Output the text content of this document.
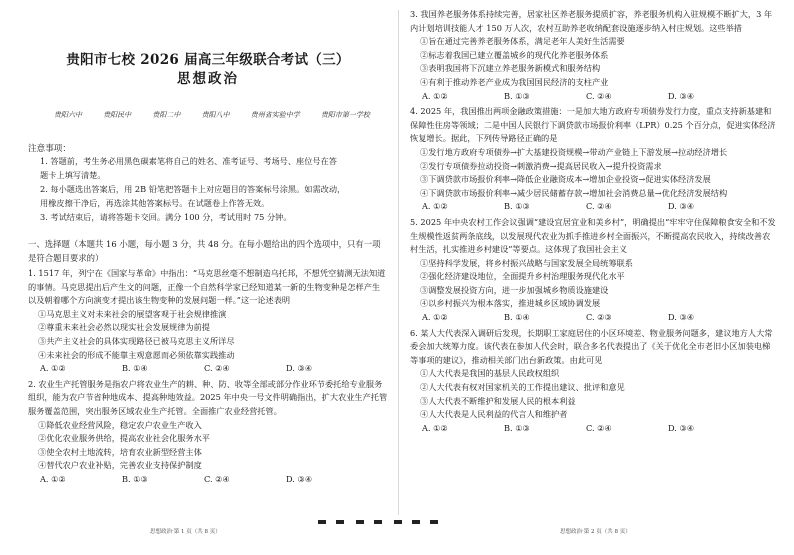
贵阳市七校 2026 届高三年级联合考试（三）
思想政治
贵阳六中	贵阳民中	贵阳二中	贵阳八中	贵州省实验中学	贵阳市第一学校
注意事项：

1. 答题前，考生务必用黑色碳素笔将自己的姓名、准考证号、考场号、座位号在答

题卡上填写清楚。

2. 每小题选出答案后，用 2B 铅笔把答题卡上对应题目的答案标号涂黑。如需改动，

用橡皮擦干净后，再选涂其他答案标号。在试题卷上作答无效。

3. 考试结束后，请将答题卡交回。满分 100 分，考试用时 75 分钟。

一、选择题（本题共 16 小题，每小题 3 分，共 48 分。在每小题给出的四个选项中，只有一项是符合题目要求的）

1. 1517 年，列宁在《国家与革命》中指出：“马克思丝毫不想制造乌托邦，不想凭空猜测无法知道的事情。马克思提出后产生文的问题，正像一个自然科学家已经知道某一新的生物变种是怎样产生以及朝着哪个方向演变才提出该生物变种的发展问题一样。”这一论述表明

①马克思主义对未来社会的展望客观于社会规律推演

②尊重未来社会必然以现实社会发展规律为前提

③共产主义社会的具体实现路径已被马克思主义所详尽

④未来社会的形成不能靠主观意愿而必须依靠实践推动

A. ①②	B. ①④	C. ②④	D. ③④

2. 农业生产托管服务是指农户将农业生产的耕、种、防、收等全部或部分作业环节委托给专业服务组织，能为农户节省种地成本、提高种地效益。2025 年中央一号文件明确指出，扩大农业生产托管服务覆盖范围，突出服务区域农业生产托管。全面推广农业经营托管。

①降低农业经营风险，稳定农户农业生产收入

②优化农业服务供给，提高农业社会化服务水平

③使全农村土地流转，培育农业新型经营主体

④替代农户农业补贴，完善农业支持保护制度

A. ①②	B. ①③	C. ②④	D. ③④

3. 我国养老服务体系持续完善，居家社区养老服务提质扩容，养老服务机构入驻规模不断扩大，3 年内计划培训技能人才 150 万人次，农村互助养老收纳配套设施逐步纳入村庄规划。这些举措

①旨在通过完善养老服务体系，满足老年人美好生活需要

②标志着我国已建立覆盖城乡的现代化养老服务体系

③表明我国将下沉建立养老服务新模式和服务结构

④有利于推动养老产业成为我国国民经济的支柱产业

A. ①②	B. ①③	C. ②④	D. ③④

4. 2025 年，我国推出两项金融政策措施：一是加大地方政府专项债券发行力度，重点支持新基建和保障性住房等领域；二是中国人民银行下调贷款市场报价利率（LPR）0.25 个百分点，促进实体经济恢复增长。据此，下列传导路径正确的是

①发行地方政府专项债券→扩大基建投资规模→带动产业链上下游发展→拉动经济增长

②发行专项债券拉动投资→刺激消费→提高居民收入→提升投资需求

③下调贷款市场报价利率→降低企业融资成本→增加企业投资→促进实体经济发展

④下调贷款市场报价利率→减少居民储蓄存款→增加社会消费总量→优化经济发展结构

A. ①②	B. ①③	C. ②④	D. ③④

5. 2025 年中央农村工作会议强调“建设宜居宜业和美乡村”，明确提出“牢牢守住保障粮食安全和不发生规模性返贫两条底线，以发展现代农业为抓手推进乡村全面振兴，不断提高农民收入，持续改善农村生活，扎实推进乡村建设”等要点。这体现了我国社会主义

①坚持科学发展，将乡村振兴战略与国家发展全局统筹联系

②强化经济建设地位，全面提升乡村治理服务现代化水平

③调整发展投资方向，进一步加强城乡物质设施建设

④以乡村振兴为根本落实，推进城乡区域协调发展

A. ①②	B. ①④	C. ②③	D. ③④

6. 某人大代表深入调研后发现，长期职工家庭居住的小区环境差、物业服务问题多，建议地方人大常委会加大统筹力度。该代表在参加人代会时，联合多名代表提出了《关于优化全市老旧小区加装电梯等事项的建议》，推动相关部门出台新政策。由此可见

①人大代表是我国的基层人民政权组织

②人大代表有权对国家机关的工作提出建议、批评和意见

③人大代表不断维护和发展人民的根本利益

④人大代表是人民利益的代言人和维护者

A. ①②	B. ①③	C. ②④	D. ③④
思想政治·第 1 页（共 8 页）	思想政治·第 2 页（共 8 页）
